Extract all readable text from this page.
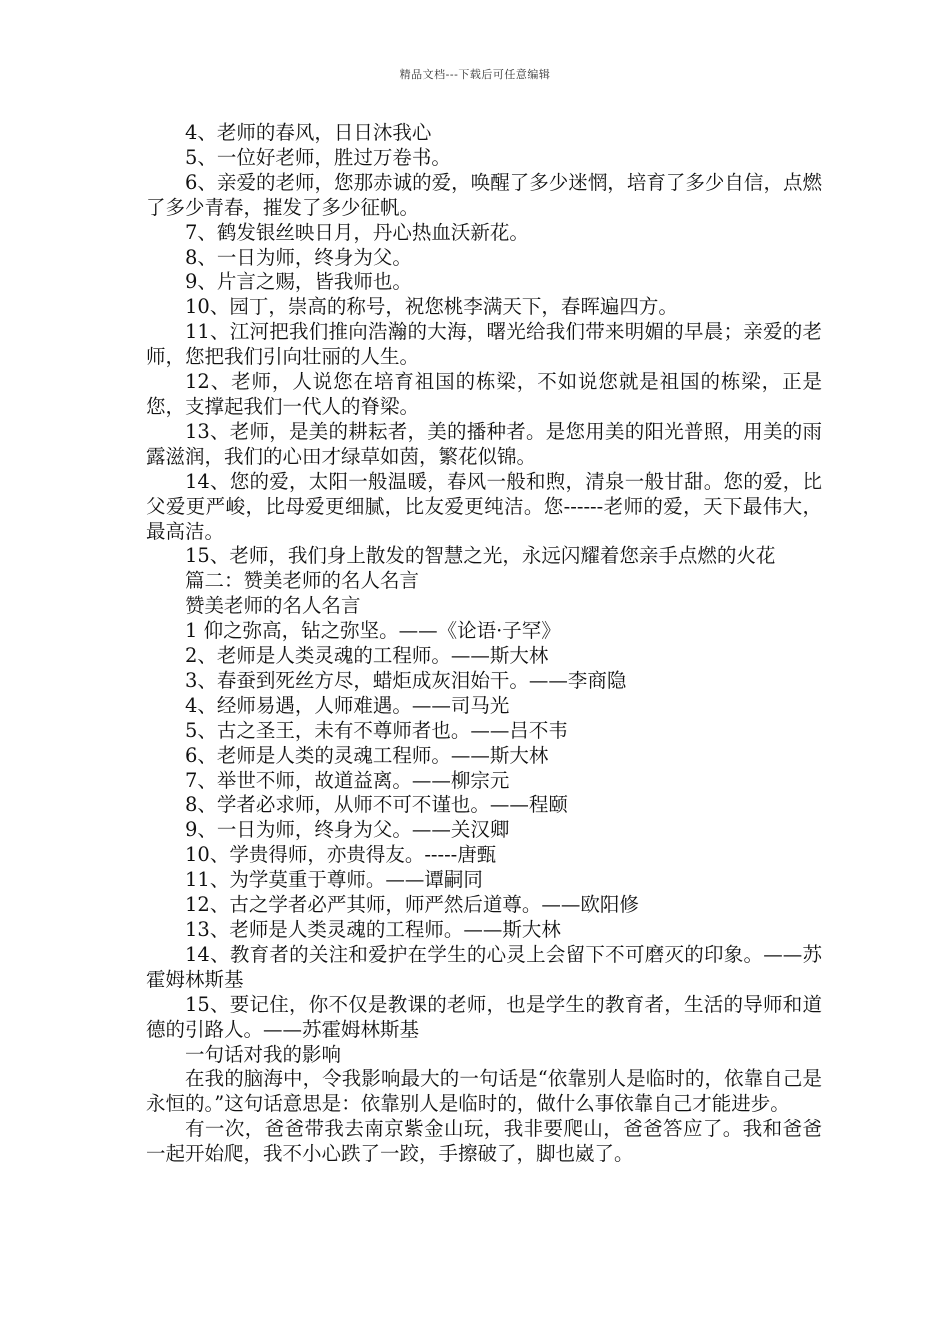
精品文档---下载后可任意编辑

4、老师的春风，日日沐我心

5、一位好老师，胜过万卷书。

6、亲爱的老师，您那赤诚的爱，唤醒了多少迷惘，培育了多少自信，点燃了多少青春，摧发了多少征帆。

7、鹤发银丝映日月，丹心热血沃新花。

8、一日为师，终身为父。

9、片言之赐，皆我师也。

10、园丁，崇高的称号，祝您桃李满天下，春晖遍四方。

11、江河把我们推向浩瀚的大海，曙光给我们带来明媚的早晨；亲爱的老师，您把我们引向壮丽的人生。

12、老师，人说您在培育祖国的栋梁，不如说您就是祖国的栋梁，正是您，支撑起我们一代人的脊梁。

13、老师，是美的耕耘者，美的播种者。是您用美的阳光普照，用美的雨露滋润，我们的心田才绿草如茵，繁花似锦。

14、您的爱，太阳一般温暖，春风一般和煦，清泉一般甘甜。您的爱，比父爱更严峻，比母爱更细腻，比友爱更纯洁。您------老师的爱，天下最伟大，最高洁。

15、老师，我们身上散发的智慧之光，永远闪耀着您亲手点燃的火花

篇二：赞美老师的名人名言

赞美老师的名人名言

1 仰之弥高，钻之弥坚。——《论语·子罕》

2、老师是人类灵魂的工程师。——斯大林

3、春蚕到死丝方尽，蜡炬成灰泪始干。——李商隐

4、经师易遇，人师难遇。——司马光

5、古之圣王，未有不尊师者也。——吕不韦

6、老师是人类的灵魂工程师。——斯大林

7、举世不师，故道益离。——柳宗元

8、学者必求师，从师不可不谨也。——程颐

9、一日为师，终身为父。——关汉卿

10、学贵得师，亦贵得友。-----唐甄

11、为学莫重于尊师。——谭嗣同

12、古之学者必严其师，师严然后道尊。——欧阳修

13、老师是人类灵魂的工程师。——斯大林

14、教育者的关注和爱护在学生的心灵上会留下不可磨灭的印象。——苏霍姆林斯基

15、要记住，你不仅是教课的老师，也是学生的教育者，生活的导师和道德的引路人。——苏霍姆林斯基

一句话对我的影响

在我的脑海中，令我影响最大的一句话是“依靠别人是临时的，依靠自己是永恒的。”这句话意思是：依靠别人是临时的，做什么事依靠自己才能进步。

有一次，爸爸带我去南京紫金山玩，我非要爬山，爸爸答应了。我和爸爸一起开始爬，我不小心跌了一跤，手擦破了，脚也崴了。
